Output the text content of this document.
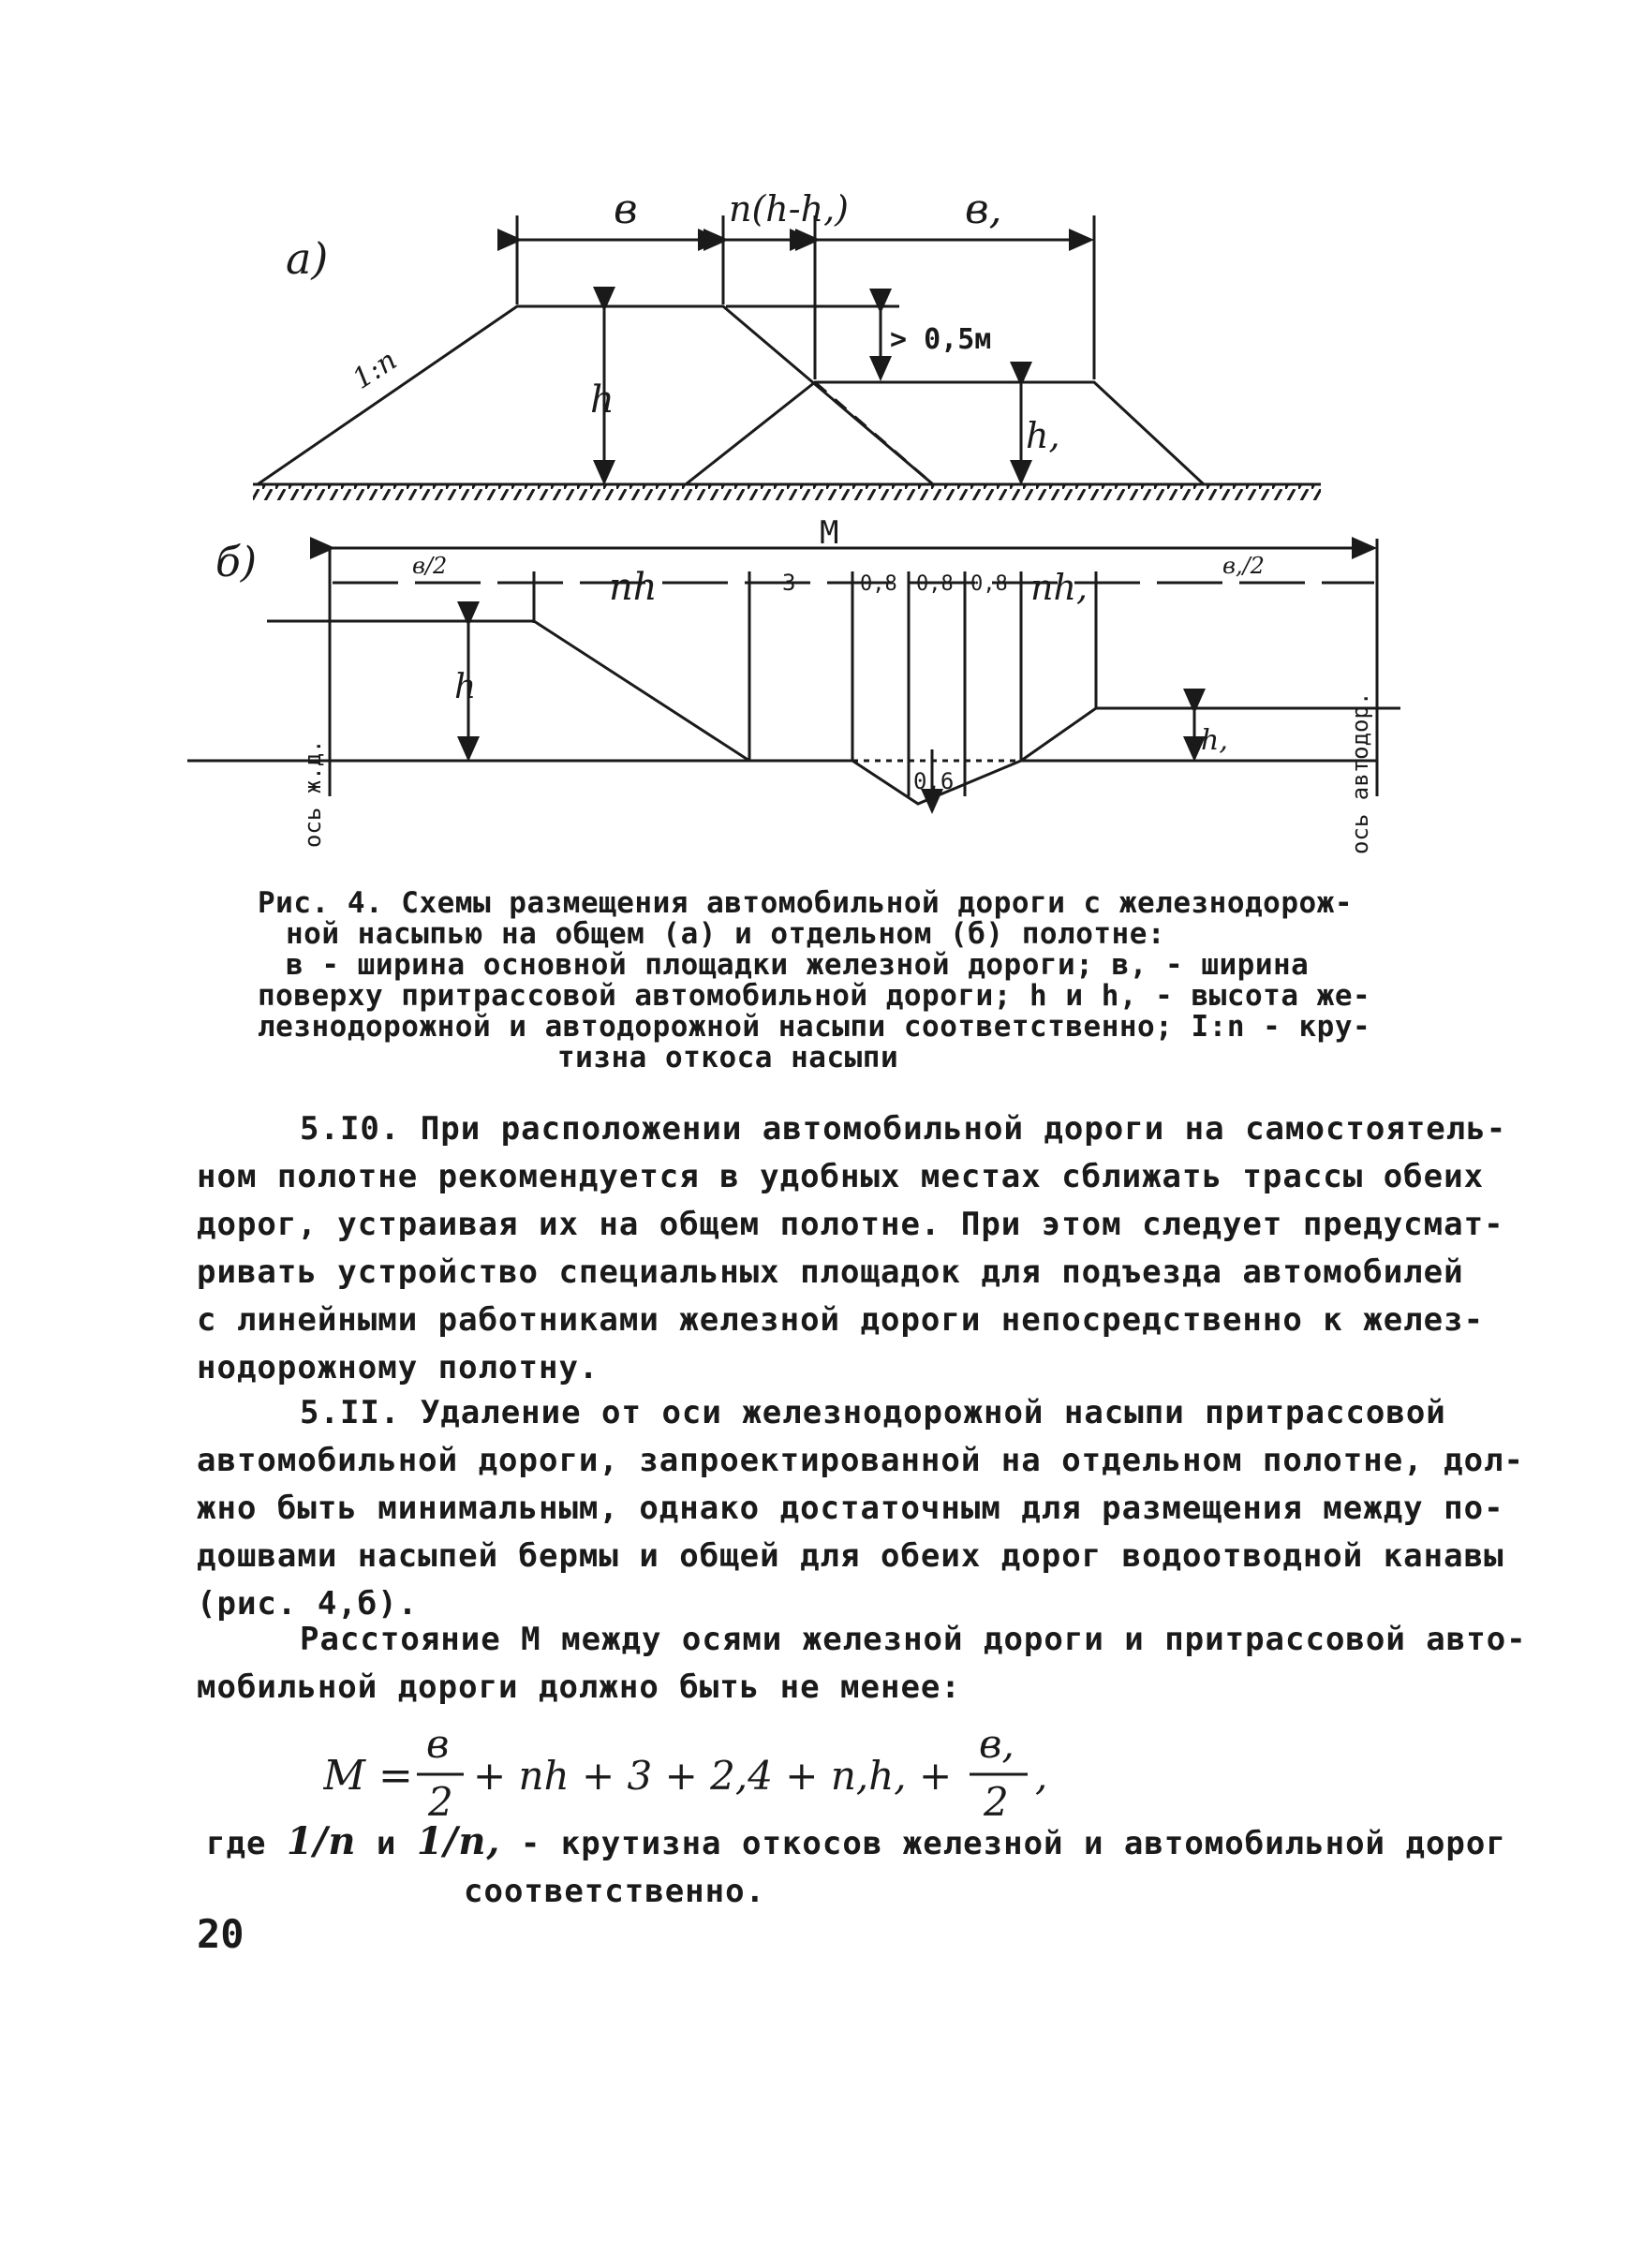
а)
в	n(h-h,)	в,
1:n
h
> 0,5м
h,
б)
M
в/2	nh	3	0,8 0,8 0,8 nh,
в,/2
h
h,
0,6
ось ж.д.	ось автодор.
Рис. 4. Схемы размещения автомобильной дороги с железнодорож-
ной насыпью на общем (а) и отдельном (б) полотне:
в - ширина основной площадки железной дороги; в, - ширина
поверху притрассовой автомобильной дороги; h и h, - высота же-
лезнодорожной и автодорожной насыпи соответственно; I:n - кру-
тизна откоса насыпи
5.I0. При расположении автомобильной дороги на самостоятель-
ном полотне рекомендуется в удобных местах сближать трассы обеих
дорог, устраивая их на общем полотне. При этом следует предусмат-
ривать устройство специальных площадок для подъезда автомобилей
с линейными работниками железной дороги непосредственно к желез-
нодорожному полотну.
5.II. Удаление от оси железнодорожной насыпи притрассовой
автомобильной дороги, запроектированной на отдельном полотне, дол-
жно быть минимальным, однако достаточным для размещения между по-
дошвами насыпей бермы и общей для обеих дорог водоотводной канавы
(рис. 4,б).
Расстояние M между осями железной дороги и притрассовой авто-
мобильной дороги должно быть не менее:
M =
в
2
+ nh + 3 + 2,4 + n,h, +
в,
2
,
где 1/n и 1/n, - крутизна откосов железной и автомобильной дорог
соответственно.
20
